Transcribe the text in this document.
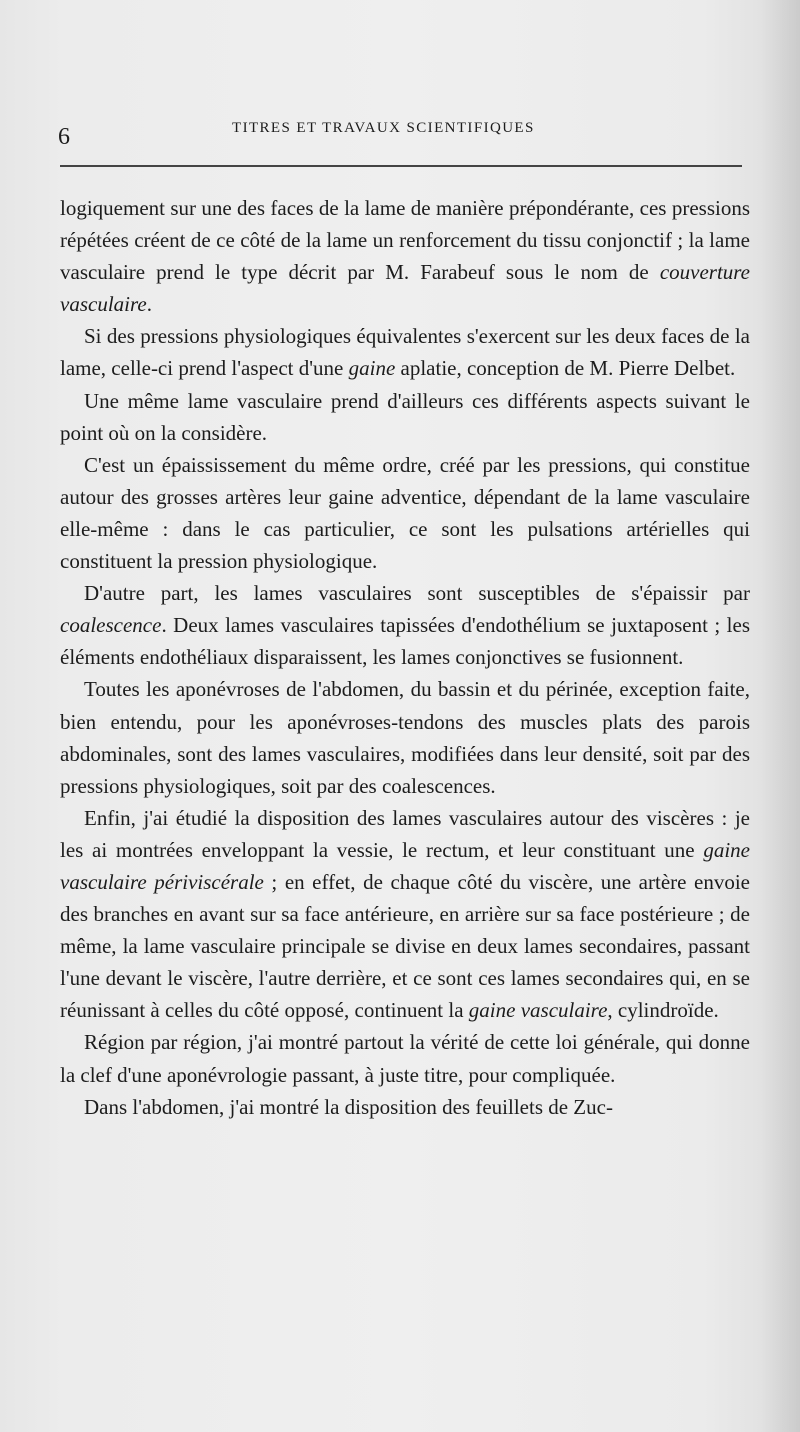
6	TITRES ET TRAVAUX SCIENTIFIQUES

logiquement sur une des faces de la lame de manière prépondérante, ces pressions répétées créent de ce côté de la lame un renforcement du tissu conjonctif ; la lame vasculaire prend le type décrit par M. Farabeuf sous le nom de couverture vasculaire.

Si des pressions physiologiques équivalentes s'exercent sur les deux faces de la lame, celle-ci prend l'aspect d'une gaine aplatie, conception de M. Pierre Delbet.

Une même lame vasculaire prend d'ailleurs ces différents aspects suivant le point où on la considère.

C'est un épaississement du même ordre, créé par les pressions, qui constitue autour des grosses artères leur gaine adventice, dépendant de la lame vasculaire elle-même : dans le cas particulier, ce sont les pulsations artérielles qui constituent la pression physiologique.

D'autre part, les lames vasculaires sont susceptibles de s'épaissir par coalescence. Deux lames vasculaires tapissées d'endothélium se juxtaposent ; les éléments endothéliaux disparaissent, les lames conjonctives se fusionnent.

Toutes les aponévroses de l'abdomen, du bassin et du périnée, exception faite, bien entendu, pour les aponévroses-tendons des muscles plats des parois abdominales, sont des lames vasculaires, modifiées dans leur densité, soit par des pressions physiologiques, soit par des coalescences.

Enfin, j'ai étudié la disposition des lames vasculaires autour des viscères : je les ai montrées enveloppant la vessie, le rectum, et leur constituant une gaine vasculaire périviscérale ; en effet, de chaque côté du viscère, une artère envoie des branches en avant sur sa face antérieure, en arrière sur sa face postérieure ; de même, la lame vasculaire principale se divise en deux lames secondaires, passant l'une devant le viscère, l'autre derrière, et ce sont ces lames secondaires qui, en se réunissant à celles du côté opposé, continuent la gaine vasculaire, cylindroïde.

Région par région, j'ai montré partout la vérité de cette loi générale, qui donne la clef d'une aponévrologie passant, à juste titre, pour compliquée.

Dans l'abdomen, j'ai montré la disposition des feuillets de Zuc-
